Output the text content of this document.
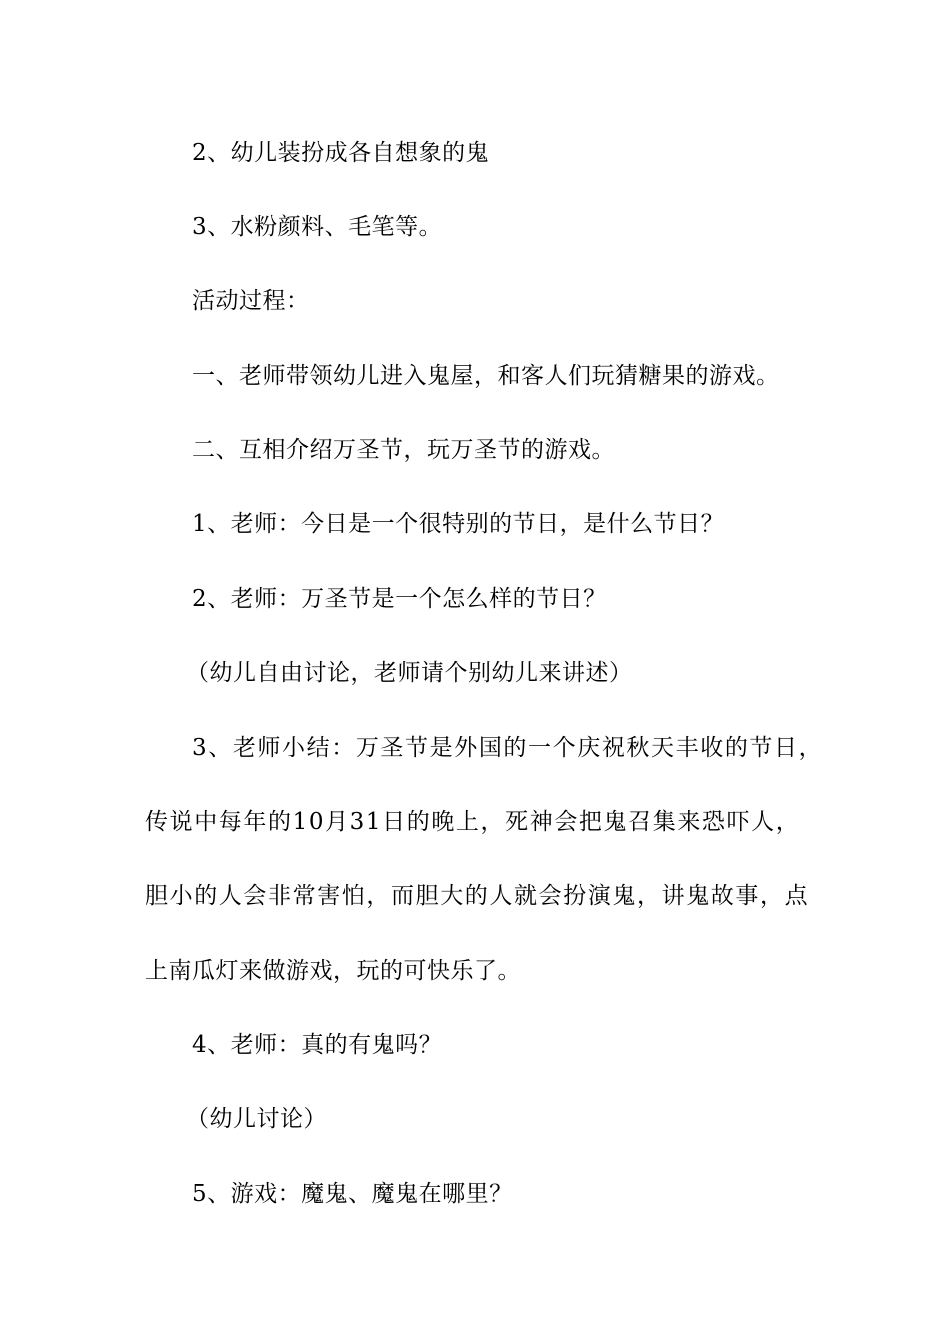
2、幼儿装扮成各自想象的鬼
3、水粉颜料、毛笔等。
活动过程：
一、老师带领幼儿进入鬼屋，和客人们玩猜糖果的游戏。
二、互相介绍万圣节，玩万圣节的游戏。
1、老师：今日是一个很特别的节日，是什么节日？
2、老师：万圣节是一个怎么样的节日？
（幼儿自由讨论，老师请个别幼儿来讲述）
3、老师小结：万圣节是外国的一个庆祝秋天丰收的节日，
传说中每年的10月31日的晚上，死神会把鬼召集来恐吓人，
胆小的人会非常害怕，而胆大的人就会扮演鬼，讲鬼故事，点
上南瓜灯来做游戏，玩的可快乐了。
4、老师：真的有鬼吗？
（幼儿讨论）
5、游戏：魔鬼、魔鬼在哪里？
